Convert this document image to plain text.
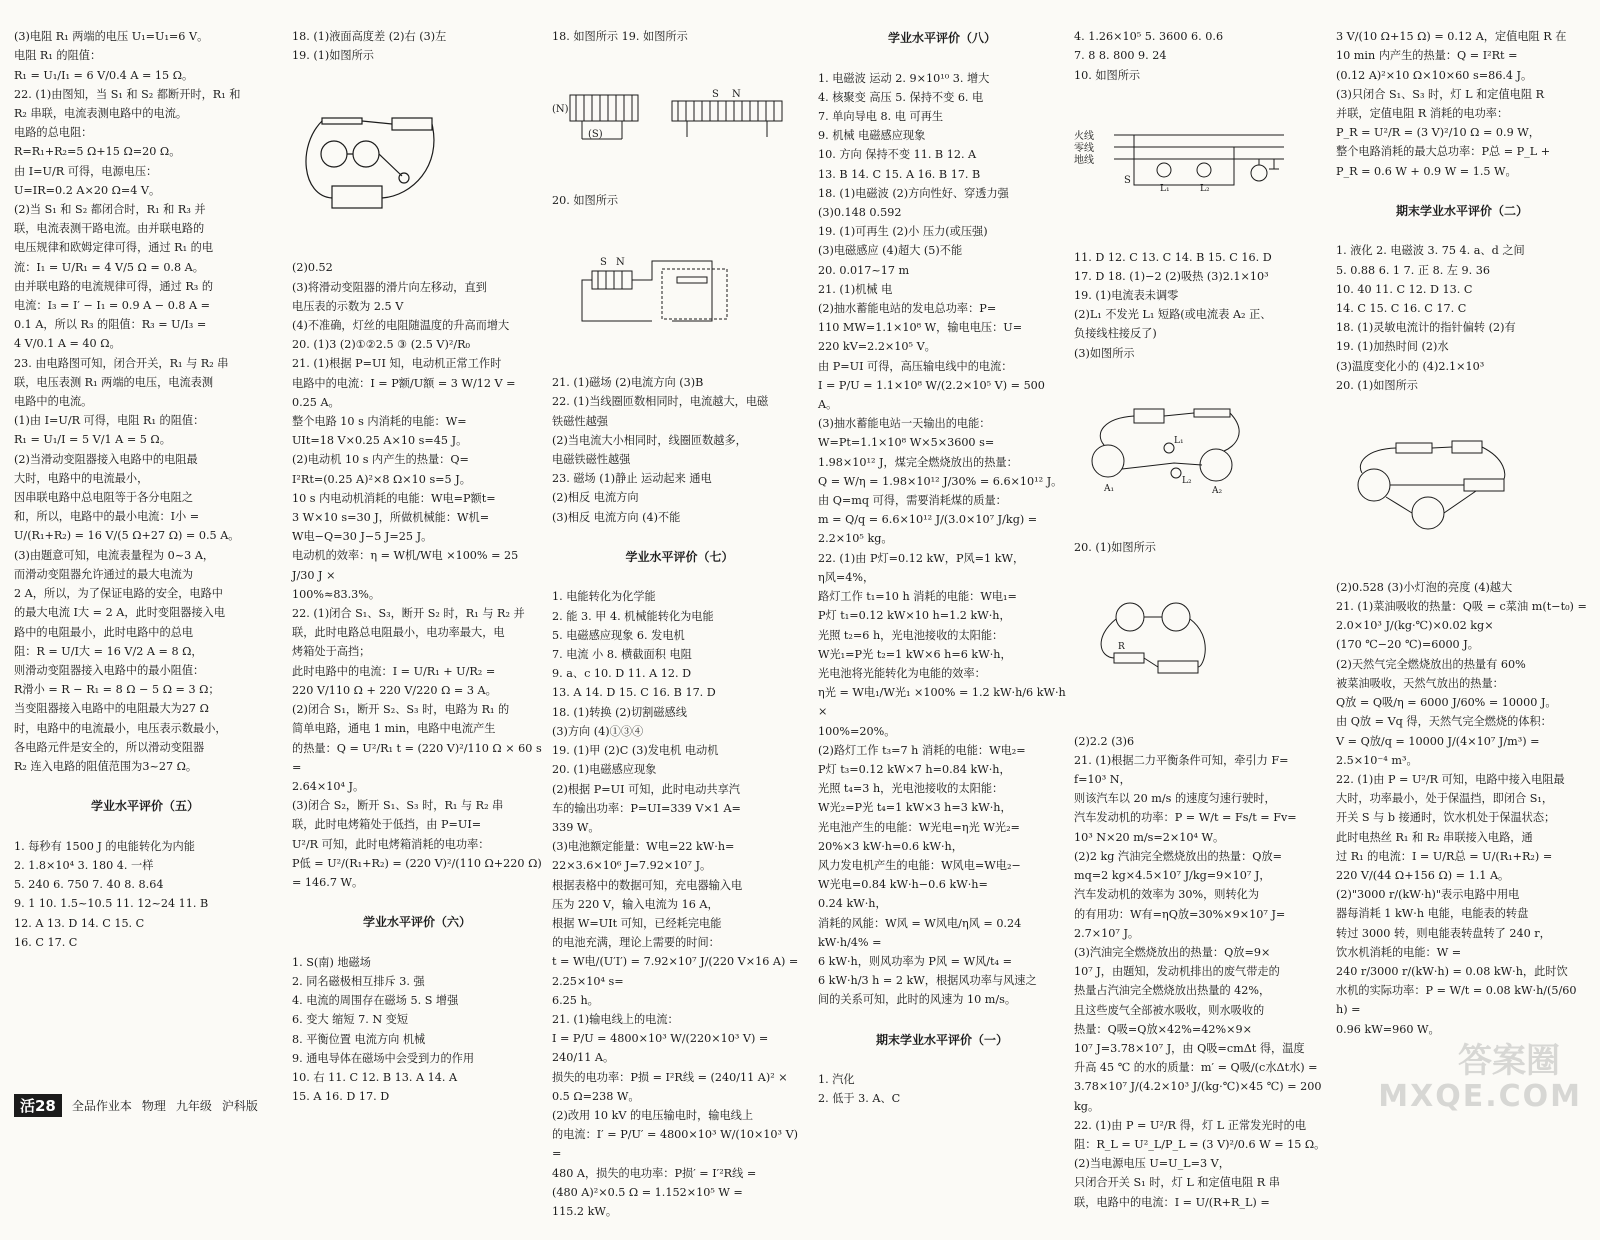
(3)电阻 R₁ 两端的电压 U₁=U₁=6 V。
电阻 R₁ 的阻值：
R₁ = U₁/I₁ = 6 V/0.4 A = 15 Ω。
22. (1)由图知，当 S₁ 和 S₂ 都断开时，R₁ 和
R₂ 串联，电流表测电路中的电流。
电路的总电阻：
R=R₁+R₂=5 Ω+15 Ω=20 Ω。
由 I=U/R 可得，电源电压：
U=IR=0.2 A×20 Ω=4 V。
(2)当 S₁ 和 S₂ 都闭合时，R₁ 和 R₃ 并
联，电流表测干路电流。由并联电路的
电压规律和欧姆定律可得，通过 R₁ 的电
流：I₁ = U/R₁ = 4 V/5 Ω = 0.8 A。
由并联电路的电流规律可得，通过 R₃ 的
电流：I₃ = I′ − I₁ = 0.9 A − 0.8 A =
0.1 A，所以 R₃ 的阻值：R₃ = U/I₃ =
4 V/0.1 A = 40 Ω。
23. 由电路图可知，闭合开关，R₁ 与 R₂ 串
联，电压表测 R₁ 两端的电压，电流表测
电路中的电流。
(1)由 I=U/R 可得，电阻 R₁ 的阻值：
R₁ = U₁/I = 5 V/1 A = 5 Ω。
(2)当滑动变阻器接入电路中的电阻最
大时，电路中的电流最小，
因串联电路中总电阻等于各分电阻之
和，所以，电路中的最小电流：I小 =
U/(R₁+R₂) = 16 V/(5 Ω+27 Ω) = 0.5 A。
(3)由题意可知，电流表量程为 0~3 A，
而滑动变阻器允许通过的最大电流为
2 A，所以，为了保证电路的安全，电路中
的最大电流 I大 = 2 A，此时变阻器接入电
路中的电阻最小，此时电路中的总电
阻：R = U/I大 = 16 V/2 A = 8 Ω，
则滑动变阻器接入电路中的最小阻值：
R滑小 = R − R₁ = 8 Ω − 5 Ω = 3 Ω；
当变阻器接入电路中的电阻最大为27 Ω
时，电路中的电流最小，电压表示数最小，
各电路元件是安全的，所以滑动变阻器
R₂ 连入电路的阻值范围为3~27 Ω。

学业水平评价（五）

1. 每秒有 1500 J 的电能转化为内能
2. 1.8×10⁴ 3. 180 4. 一样
5. 240 6. 750 7. 40 8. 8.64
9. 1 10. 1.5~10.5 11. 12~24 11. B
12. A 13. D 14. C 15. C
16. C 17. C

18. (1)液面高度差 (2)右 (3)左
19. (1)如图所示

(2)0.52
(3)将滑动变阻器的滑片向左移动，直到
电压表的示数为 2.5 V
(4)不准确，灯丝的电阻随温度的升高而增大
20. (1)3 (2)①②2.5 ③ (2.5 V)²/R₀
21. (1)根据 P=UI 知，电动机正常工作时
电路中的电流：I = P额/U额 = 3 W/12 V = 0.25 A。
整个电路 10 s 内消耗的电能：W=
UIt=18 V×0.25 A×10 s=45 J。
(2)电动机 10 s 内产生的热量：Q=
I²Rt=(0.25 A)²×8 Ω×10 s=5 J。
10 s 内电动机消耗的电能：W电=P额t=
3 W×10 s=30 J，所做机械能：W机=
W电−Q=30 J−5 J=25 J。
电动机的效率：η = W机/W电 ×100% = 25 J/30 J ×
100%≈83.3%。
22. (1)闭合 S₁、S₃，断开 S₂ 时，R₁ 与 R₂ 并
联，此时电路总电阻最小，电功率最大，电
烤箱处于高挡；
此时电路中的电流：I = U/R₁ + U/R₂ =
220 V/110 Ω + 220 V/220 Ω = 3 A。
(2)闭合 S₁，断开 S₂、S₃ 时，电路为 R₁ 的
简单电路，通电 1 min，电路中电流产生
的热量：Q = U²/R₁ t = (220 V)²/110 Ω × 60 s =
2.64×10⁴ J。
(3)闭合 S₂，断开 S₁、S₃ 时，R₁ 与 R₂ 串
联，此时电烤箱处于低挡，由 P=UI=
U²/R 可知，此时电烤箱消耗的电功率：
P低 = U²/(R₁+R₂) = (220 V)²/(110 Ω+220 Ω) = 146.7 W。

学业水平评价（六）

1. S(南) 地磁场
2. 同名磁极相互排斥 3. 强
4. 电流的周围存在磁场 5. S 增强
6. 变大 缩短 7. N 变短
8. 平衡位置 电流方向 机械
9. 通电导体在磁场中会受到力的作用
10. 右 11. C 12. B 13. A 14. A
15. A 16. D 17. D

18. 如图所示 19. 如图所示

(N)
(S)
S N

20. 如图所示

S N

21. (1)磁场 (2)电流方向 (3)B
22. (1)当线圈匝数相同时，电流越大，电磁
铁磁性越强
(2)当电流大小相同时，线圈匝数越多，
电磁铁磁性越强
23. 磁场 (1)静止 运动起来 通电
(2)相反 电流方向
(3)相反 电流方向 (4)不能

学业水平评价（七）

1. 电能转化为化学能
2. 能 3. 甲 4. 机械能转化为电能
5. 电磁感应现象 6. 发电机
7. 电流 小 8. 横截面积 电阻
9. a、c 10. D 11. A 12. D
13. A 14. D 15. C 16. B 17. D
18. (1)转换 (2)切割磁感线
(3)方向 (4)①③④
19. (1)甲 (2)C (3)发电机 电动机
20. (1)电磁感应现象
(2)根据 P=UI 可知，此时电动共享汽
车的输出功率：P=UI=339 V×1 A=
339 W。
(3)电池额定能量：W电=22 kW·h=
22×3.6×10⁶ J=7.92×10⁷ J。
根据表格中的数据可知，充电器输入电
压为 220 V，输入电流为 16 A，
根据 W=UIt 可知，已经耗完电能
的电池充满，理论上需要的时间：
t = W电/(U′I′) = 7.92×10⁷ J/(220 V×16 A) = 2.25×10⁴ s=
6.25 h。
21. (1)输电线上的电流：
I = P/U = 4800×10³ W/(220×10³ V) = 240/11 A。
损失的电功率：P损 = I²R线 = (240/11 A)² ×
0.5 Ω=238 W。
(2)改用 10 kV 的电压输电时，输电线上
的电流：I′ = P/U′ = 4800×10³ W/(10×10³ V) =
480 A，损失的电功率：P损′ = I′²R线 =
(480 A)²×0.5 Ω = 1.152×10⁵ W =
115.2 kW。

学业水平评价（八）

1. 电磁波 运动 2. 9×10¹⁰ 3. 增大
4. 核聚变 高压 5. 保持不变 6. 电
7. 单向导电 8. 电 可再生
9. 机械 电磁感应现象
10. 方向 保持不变 11. B 12. A
13. B 14. C 15. A 16. B 17. B
18. (1)电磁波 (2)方向性好、穿透力强
(3)0.148 0.592
19. (1)可再生 (2)小 压力(或压强)
(3)电磁感应 (4)超大 (5)不能
20. 0.017~17 m
21. (1)机械 电
(2)抽水蓄能电站的发电总功率：P=
110 MW=1.1×10⁸ W，输电电压：U=
220 kV=2.2×10⁵ V。
由 P=UI 可得，高压输电线中的电流：
I = P/U = 1.1×10⁸ W/(2.2×10⁵ V) = 500 A。
(3)抽水蓄能电站一天输出的电能：
W=Pt=1.1×10⁸ W×5×3600 s=
1.98×10¹² J，煤完全燃烧放出的热量：
Q = W/η = 1.98×10¹² J/30% = 6.6×10¹² J。
由 Q=mq 可得，需要消耗煤的质量：
m = Q/q = 6.6×10¹² J/(3.0×10⁷ J/kg) = 2.2×10⁵ kg。
22. (1)由 P灯=0.12 kW，P风=1 kW，
η风=4%，
路灯工作 t₁=10 h 消耗的电能：W电₁=
P灯 t₁=0.12 kW×10 h=1.2 kW·h，
光照 t₂=6 h，光电池接收的太阳能：
W光₁=P光 t₂=1 kW×6 h=6 kW·h，
光电池将光能转化为电能的效率：
η光 = W电₁/W光₁ ×100% = 1.2 kW·h/6 kW·h ×
100%=20%。
(2)路灯工作 t₃=7 h 消耗的电能：W电₂=
P灯 t₃=0.12 kW×7 h=0.84 kW·h，
光照 t₄=3 h，光电池接收的太阳能：
W光₂=P光 t₄=1 kW×3 h=3 kW·h，
光电池产生的电能：W光电=η光 W光₂=
20%×3 kW·h=0.6 kW·h，
风力发电机产生的电能：W风电=W电₂−
W光电=0.84 kW·h−0.6 kW·h=
0.24 kW·h，
消耗的风能：W风 = W风电/η风 = 0.24 kW·h/4% =
6 kW·h，则风功率为 P风 = W风/t₄ =
6 kW·h/3 h = 2 kW，根据风功率与风速之
间的关系可知，此时的风速为 10 m/s。

期末学业水平评价（一）

1. 汽化
2. 低于 3. A、C

4. 1.26×10⁵ 5. 3600 6. 0.6
7. 8 8. 800 9. 24
10. 如图所示

火线
零线
地线
S
L₁	L₂

11. D 12. C 13. C 14. B 15. C 16. D
17. D 18. (1)−2 (2)吸热 (3)2.1×10³
19. (1)电流表未调零
(2)L₁ 不发光 L₁ 短路(或电流表 A₂ 正、
负接线柱接反了)
(3)如图所示

A₁	A₂
L₁
L₂

20. (1)如图所示

R

(2)2.2 (3)6
21. (1)根据二力平衡条件可知，牵引力 F=
f=10³ N，
则该汽车以 20 m/s 的速度匀速行驶时，
汽车发动机的功率：P = W/t = Fs/t = Fv=
10³ N×20 m/s=2×10⁴ W。
(2)2 kg 汽油完全燃烧放出的热量：Q放=
mq=2 kg×4.5×10⁷ J/kg=9×10⁷ J，
汽车发动机的效率为 30%，则转化为
的有用功：W有=ηQ放=30%×9×10⁷ J=
2.7×10⁷ J。
(3)汽油完全燃烧放出的热量：Q放=9×
10⁷ J，由题知，发动机排出的废气带走的
热量占汽油完全燃烧放出热量的 42%，
且这些废气全部被水吸收，则水吸收的
热量：Q吸=Q放×42%=42%×9×
10⁷ J=3.78×10⁷ J，由 Q吸=cmΔt 得，温度
升高 45 ℃ 的水的质量：m′ = Q吸/(c水Δt水) =
3.78×10⁷ J/(4.2×10³ J/(kg·℃)×45 ℃) = 200 kg。
22. (1)由 P = U²/R 得，灯 L 正常发光时的电
阻：R_L = U²_L/P_L = (3 V)²/0.6 W = 15 Ω。
(2)当电源电压 U=U_L=3 V，
只闭合开关 S₁ 时，灯 L 和定值电阻 R 串
联，电路中的电流：I = U/(R+R_L) =

3 V/(10 Ω+15 Ω) = 0.12 A，定值电阻 R 在
10 min 内产生的热量：Q = I²Rt =
(0.12 A)²×10 Ω×10×60 s=86.4 J。
(3)只闭合 S₁、S₃ 时，灯 L 和定值电阻 R
并联，定值电阻 R 消耗的电功率：
P_R = U²/R = (3 V)²/10 Ω = 0.9 W，
整个电路消耗的最大总功率：P总 = P_L +
P_R = 0.6 W + 0.9 W = 1.5 W。

期末学业水平评价（二）

1. 液化 2. 电磁波 3. 75 4. a、d 之间
5. 0.88 6. 1 7. 正 8. 左 9. 36
10. 40 11. C 12. D 13. C
14. C 15. C 16. C 17. C
18. (1)灵敏电流计的指针偏转 (2)有
19. (1)加热时间 (2)水
(3)温度变化小的 (4)2.1×10³
20. (1)如图所示

(2)0.528 (3)小灯泡的亮度 (4)越大
21. (1)菜油吸收的热量：Q吸 = c菜油 m(t−t₀) =
2.0×10³ J/(kg·℃)×0.02 kg×
(170 ℃−20 ℃)=6000 J。
(2)天然气完全燃烧放出的热量有 60%
被菜油吸收，天然气放出的热量：
Q放 = Q吸/η = 6000 J/60% = 10000 J。
由 Q放 = Vq 得，天然气完全燃烧的体积：
V = Q放/q = 10000 J/(4×10⁷ J/m³) = 2.5×10⁻⁴ m³。
22. (1)由 P = U²/R 可知，电路中接入电阻最
大时，功率最小，处于保温挡，即闭合 S₁，
开关 S 与 b 接通时，饮水机处于保温状态；
此时电热丝 R₁ 和 R₂ 串联接入电路，通
过 R₁ 的电流：I = U/R总 = U/(R₁+R₂) =
220 V/(44 Ω+156 Ω) = 1.1 A。
(2)"3000 r/(kW·h)"表示电路中用电
器每消耗 1 kW·h 电能，电能表的转盘
转过 3000 转，则电能表转盘转了 240 r，
饮水机消耗的电能：W =
240 r/3000 r/(kW·h) = 0.08 kW·h，此时饮
水机的实际功率：P = W/t = 0.08 kW·h/(5/60 h) =
0.96 kW=960 W。

活28	全品作业本 物理 九年级 沪科版
答案圈
MXQE.COM
